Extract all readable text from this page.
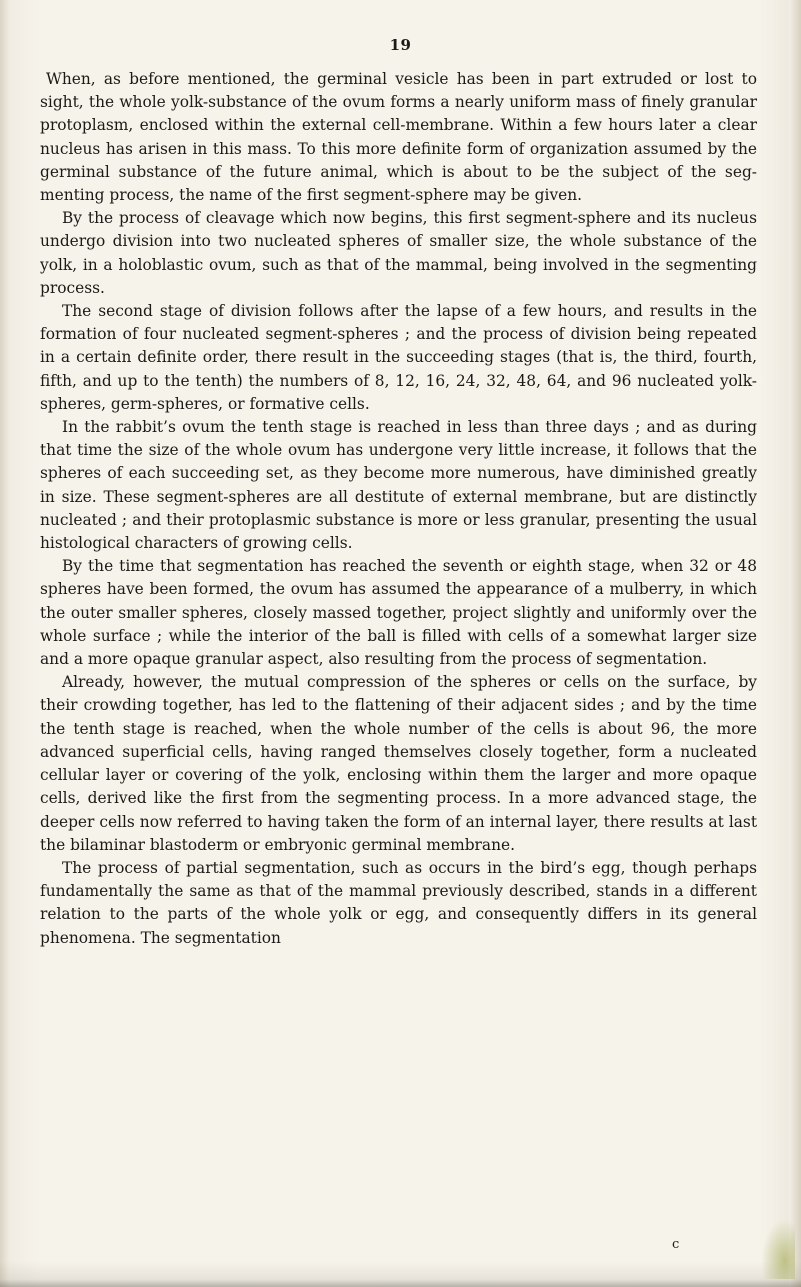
19

When, as before mentioned, the germinal vesicle has been in part extruded or lost to sight, the whole yolk-substance of the ovum forms a nearly uniform mass of finely granular protoplasm, enclosed within the external cell-membrane. Within a few hours later a clear nucleus has arisen in this mass. To this more definite form of organization assumed by the germinal substance of the future animal, which is about to be the subject of the segmenting process, the name of the first segment-sphere may be given.

By the process of cleavage which now begins, this first segment-sphere and its nucleus undergo division into two nucleated spheres of smaller size, the whole substance of the yolk, in a holoblastic ovum, such as that of the mammal, being involved in the segmenting process.

The second stage of division follows after the lapse of a few hours, and results in the formation of four nucleated segment-spheres ; and the process of division being repeated in a certain definite order, there result in the succeeding stages (that is, the third, fourth, fifth, and up to the tenth) the numbers of 8, 12, 16, 24, 32, 48, 64, and 96 nucleated yolk-spheres, germ-spheres, or formative cells.

In the rabbit’s ovum the tenth stage is reached in less than three days ; and as during that time the size of the whole ovum has undergone very little increase, it follows that the spheres of each succeeding set, as they become more numerous, have diminished greatly in size. These segment-spheres are all destitute of external membrane, but are distinctly nucleated ; and their protoplasmic substance is more or less granular, presenting the usual histological characters of growing cells.

By the time that segmentation has reached the seventh or eighth stage, when 32 or 48 spheres have been formed, the ovum has assumed the appearance of a mulberry, in which the outer smaller spheres, closely massed together, project slightly and uniformly over the whole surface ; while the interior of the ball is filled with cells of a somewhat larger size and a more opaque granular aspect, also resulting from the process of segmentation.

Already, however, the mutual compression of the spheres or cells on the surface, by their crowding together, has led to the flattening of their adjacent sides ; and by the time the tenth stage is reached, when the whole number of the cells is about 96, the more advanced superficial cells, having ranged themselves closely together, form a nucleated cellular layer or covering of the yolk, enclosing within them the larger and more opaque cells, derived like the first from the segmenting process. In a more advanced stage, the deeper cells now referred to having taken the form of an internal layer, there results at last the bilaminar blastoderm or embryonic germinal membrane.

The process of partial segmentation, such as occurs in the bird’s egg, though perhaps fundamentally the same as that of the mammal previously described, stands in a different relation to the parts of the whole yolk or egg, and consequently differs in its general phenomena. The segmentation

c
